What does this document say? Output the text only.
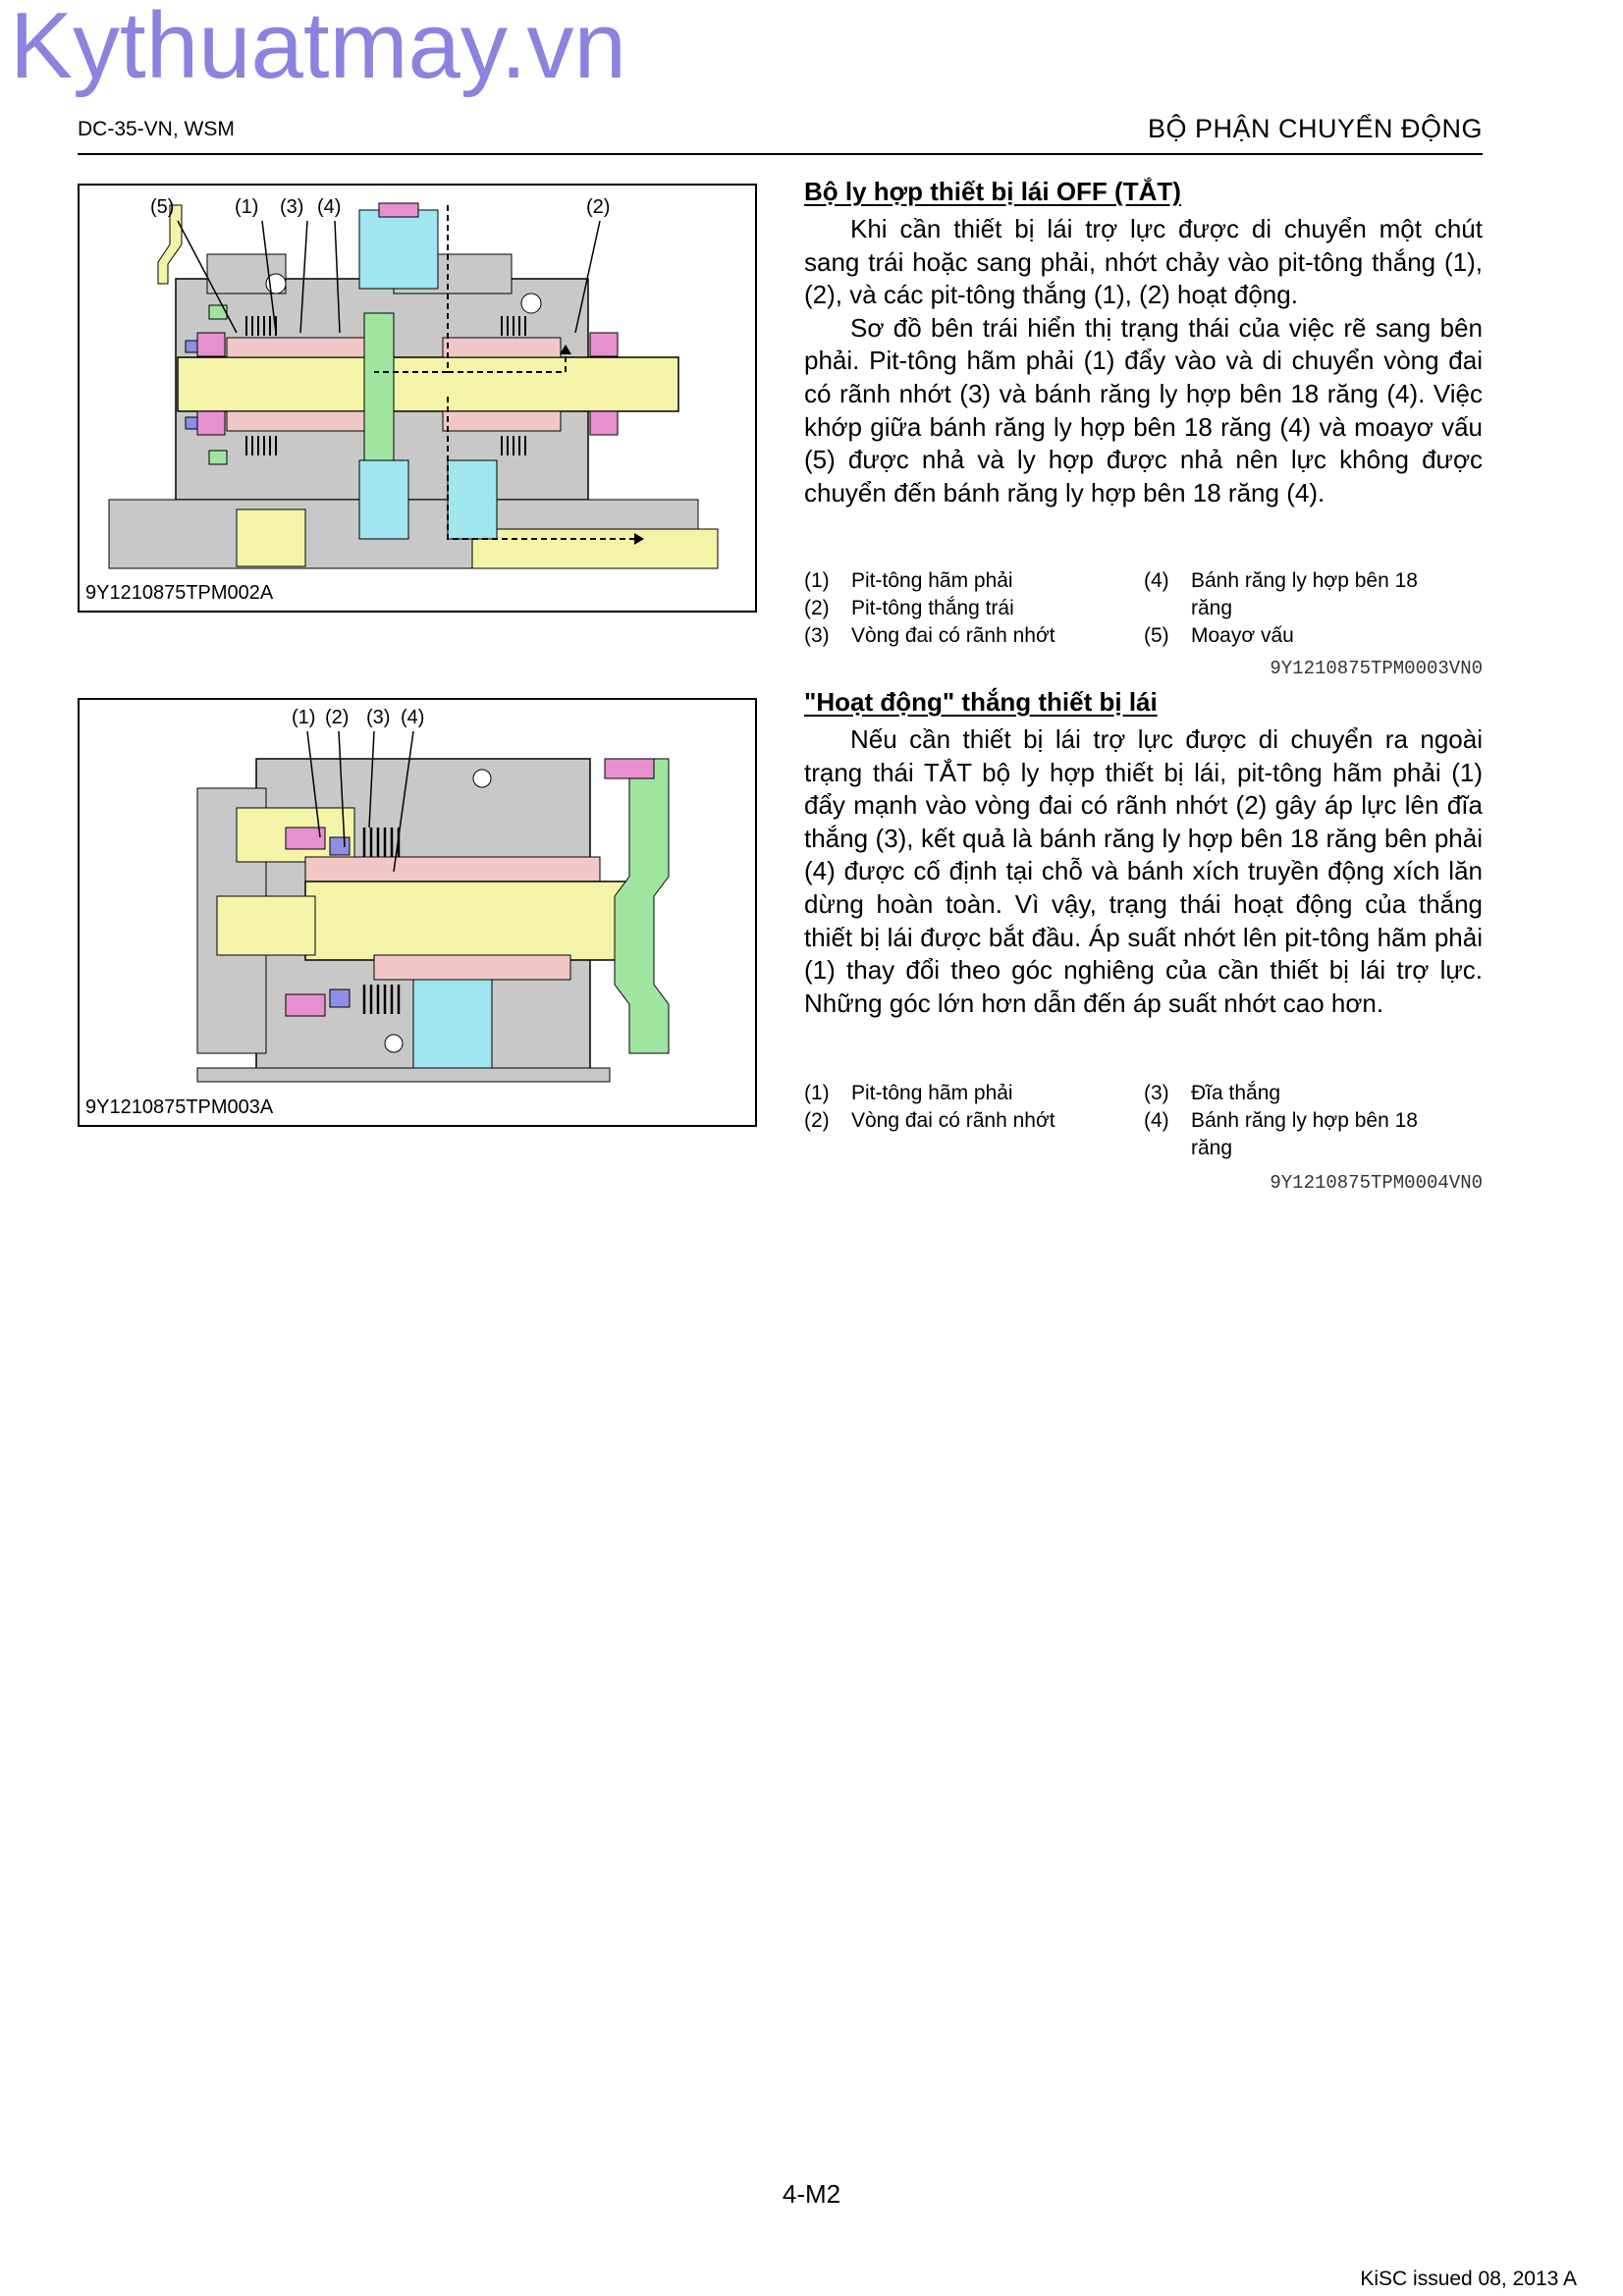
Kythuatmay.vn
DC-35-VN, WSM	BỘ PHẬN CHUYỂN ĐỘNG
(5)	(1) (3) (4)	(2)
9Y1210875TPM002A
(1) (2) (3) (4)
9Y1210875TPM003A
Bộ ly hợp thiết bị lái OFF (TẮT)

Khi cần thiết bị lái trợ lực được di chuyển một chút sang trái hoặc sang phải, nhớt chảy vào pit-tông thắng (1), (2), và các pit-tông thắng (1), (2) hoạt động.

Sơ đồ bên trái hiển thị trạng thái của việc rẽ sang bên phải. Pit-tông hãm phải (1) đẩy vào và di chuyển vòng đai có rãnh nhớt (3) và bánh răng ly hợp bên 18 răng (4). Việc khớp giữa bánh răng ly hợp bên 18 răng (4) và moayơ vấu (5) được nhả và ly hợp được nhả nên lực không được chuyển đến bánh răng ly hợp bên 18 răng (4).

(1) Pit-tông hãm phải
(2) Pit-tông thắng trái
(3) Vòng đai có rãnh nhớt
(4) Bánh răng ly hợp bên 18
răng
(5) Moayơ vấu
9Y1210875TPM0003VN0
"Hoạt động" thắng thiết bị lái

Nếu cần thiết bị lái trợ lực được di chuyển ra ngoài trạng thái TẮT bộ ly hợp thiết bị lái, pit-tông hãm phải (1) đẩy mạnh vào vòng đai có rãnh nhớt (2) gây áp lực lên đĩa thắng (3), kết quả là bánh răng ly hợp bên 18 răng bên phải (4) được cố định tại chỗ và bánh xích truyền động xích lăn dừng hoàn toàn. Vì vậy, trạng thái hoạt động của thắng thiết bị lái được bắt đầu. Áp suất nhớt lên pit-tông hãm phải (1) thay đổi theo góc nghiêng của cần thiết bị lái trợ lực. Những góc lớn hơn dẫn đến áp suất nhớt cao hơn.

(1) Pit-tông hãm phải
(2) Vòng đai có rãnh nhớt
(3) Đĩa thắng
(4) Bánh răng ly hợp bên 18
răng
9Y1210875TPM0004VN0
4-M2
KiSC issued 08, 2013 A
